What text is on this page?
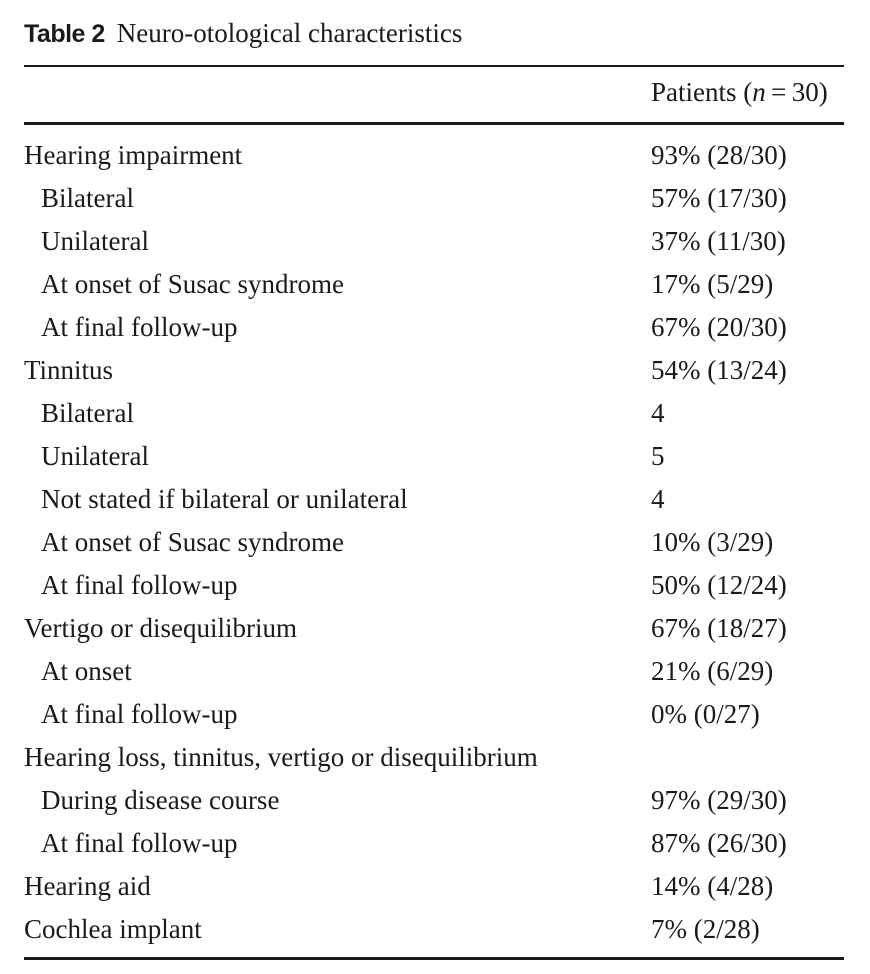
Table 2 Neuro-otological characteristics
Patients (n = 30)
Hearing impairment	93% (28/30)
Bilateral	57% (17/30)
Unilateral	37% (11/30)
At onset of Susac syndrome	17% (5/29)
At final follow-up	67% (20/30)
Tinnitus	54% (13/24)
Bilateral	4
Unilateral	5
Not stated if bilateral or unilateral	4
At onset of Susac syndrome	10% (3/29)
At final follow-up	50% (12/24)
Vertigo or disequilibrium	67% (18/27)
At onset	21% (6/29)
At final follow-up	0% (0/27)
Hearing loss, tinnitus, vertigo or disequilibrium
During disease course	97% (29/30)
At final follow-up	87% (26/30)
Hearing aid	14% (4/28)
Cochlea implant	7% (2/28)
